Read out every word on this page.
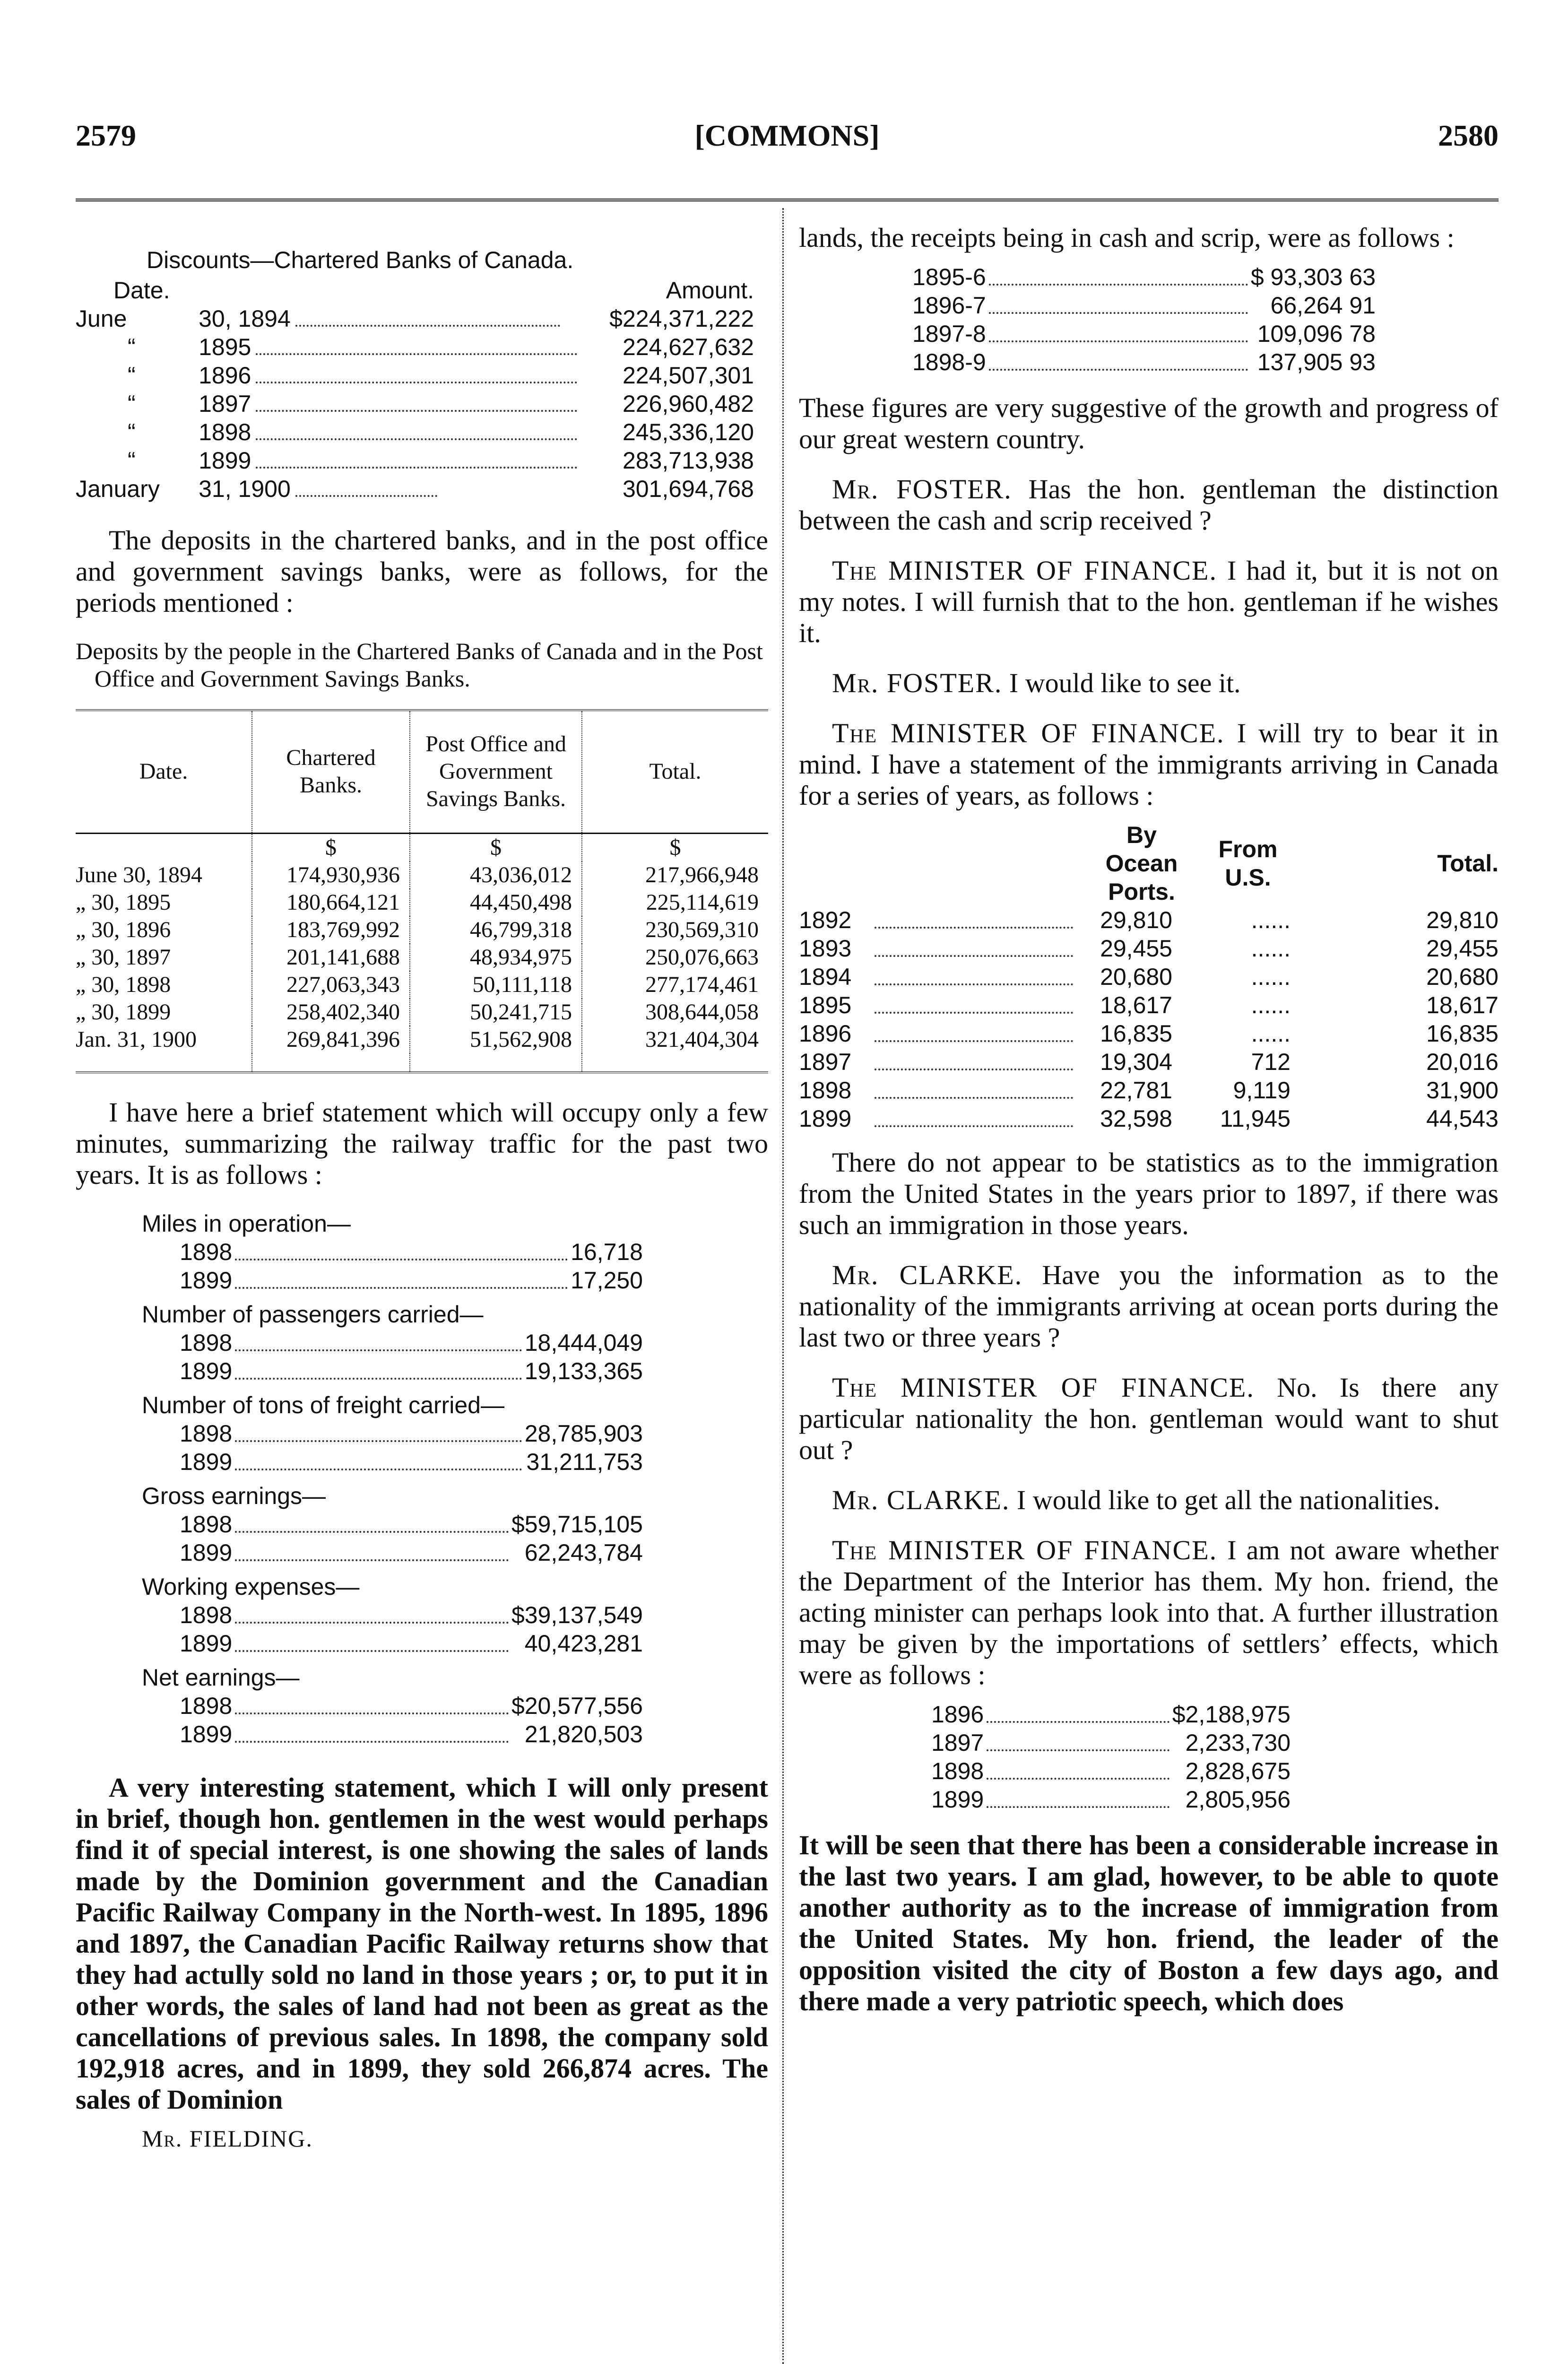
2579	[COMMONS]	2580
Discounts—Chartered Banks of Canada.
Date.			Amount.
June	30, 1894		$224,371,222
“	1895		224,627,632
“	1896		224,507,301
“	1897		226,960,482
“	1898		245,336,120
“	1899		283,713,938
January	31, 1900		301,694,768

The deposits in the chartered banks, and in the post office and government savings banks, were as follows, for the periods mentioned :

Deposits by the people in the Chartered Banks of Canada and in the Post Office and Government Savings Banks.
Date.	Chartered Banks.	Post Office and Government Savings Banks.	Total.
	$	$	$
June 30, 1894	174,930,936	43,036,012	217,966,948
„ 30, 1895	180,664,121	44,450,498	225,114,619
„ 30, 1896	183,769,992	46,799,318	230,569,310
„ 30, 1897	201,141,688	48,934,975	250,076,663
„ 30, 1898	227,063,343	50,111,118	277,174,461
„ 30, 1899	258,402,340	50,241,715	308,644,058
Jan. 31, 1900	269,841,396	51,562,908	321,404,304

I have here a brief statement which will occupy only a few minutes, summarizing the railway traffic for the past two years. It is as follows :

Miles in operation—
1898		16,718
1899		17,250
Number of passengers carried—
1898		18,444,049
1899		19,133,365
Number of tons of freight carried—
1898		28,785,903
1899		31,211,753
Gross earnings—
1898		$59,715,105
1899		62,243,784
Working expenses—
1898		$39,137,549
1899		40,423,281
Net earnings—
1898		$20,577,556
1899		21,820,503

A very interesting statement, which I will only present in brief, though hon. gentlemen in the west would perhaps find it of special interest, is one showing the sales of lands made by the Dominion government and the Canadian Pacific Railway Company in the North-west. In 1895, 1896 and 1897, the Canadian Pacific Railway returns show that they had actully sold no land in those years ; or, to put it in other words, the sales of land had not been as great as the cancellations of previous sales. In 1898, the company sold 192,918 acres, and in 1899, they sold 266,874 acres. The sales of Dominion

Mr. FIELDING.

lands, the receipts being in cash and scrip, were as follows :

1895-6		$ 93,303 63
1896-7		66,264 91
1897-8		109,096 78
1898-9		137,905 93

These figures are very suggestive of the growth and progress of our great western country.

Mr. FOSTER. Has the hon. gentleman the distinction between the cash and scrip received ?

The MINISTER OF FINANCE. I had it, but it is not on my notes. I will furnish that to the hon. gentleman if he wishes it.

Mr. FOSTER. I would like to see it.

The MINISTER OF FINANCE. I will try to bear it in mind. I have a statement of the immigrants arriving in Canada for a series of years, as follows :

		By Ocean Ports.	From U.S.	Total.
1892		29,810	......	29,810
1893		29,455	......	29,455
1894		20,680	......	20,680
1895		18,617	......	18,617
1896		16,835	......	16,835
1897		19,304	712	20,016
1898		22,781	9,119	31,900
1899		32,598	11,945	44,543

There do not appear to be statistics as to the immigration from the United States in the years prior to 1897, if there was such an immigration in those years.

Mr. CLARKE. Have you the information as to the nationality of the immigrants arriving at ocean ports during the last two or three years ?

The MINISTER OF FINANCE. No. Is there any particular nationality the hon. gentleman would want to shut out ?

Mr. CLARKE. I would like to get all the nationalities.

The MINISTER OF FINANCE. I am not aware whether the Department of the Interior has them. My hon. friend, the acting minister can perhaps look into that. A further illustration may be given by the importations of settlers’ effects, which were as follows :

1896		$2,188,975
1897		2,233,730
1898		2,828,675
1899		2,805,956

It will be seen that there has been a considerable increase in the last two years. I am glad, however, to be able to quote another authority as to the increase of immigration from the United States. My hon. friend, the leader of the opposition visited the city of Boston a few days ago, and there made a very patriotic speech, which does
